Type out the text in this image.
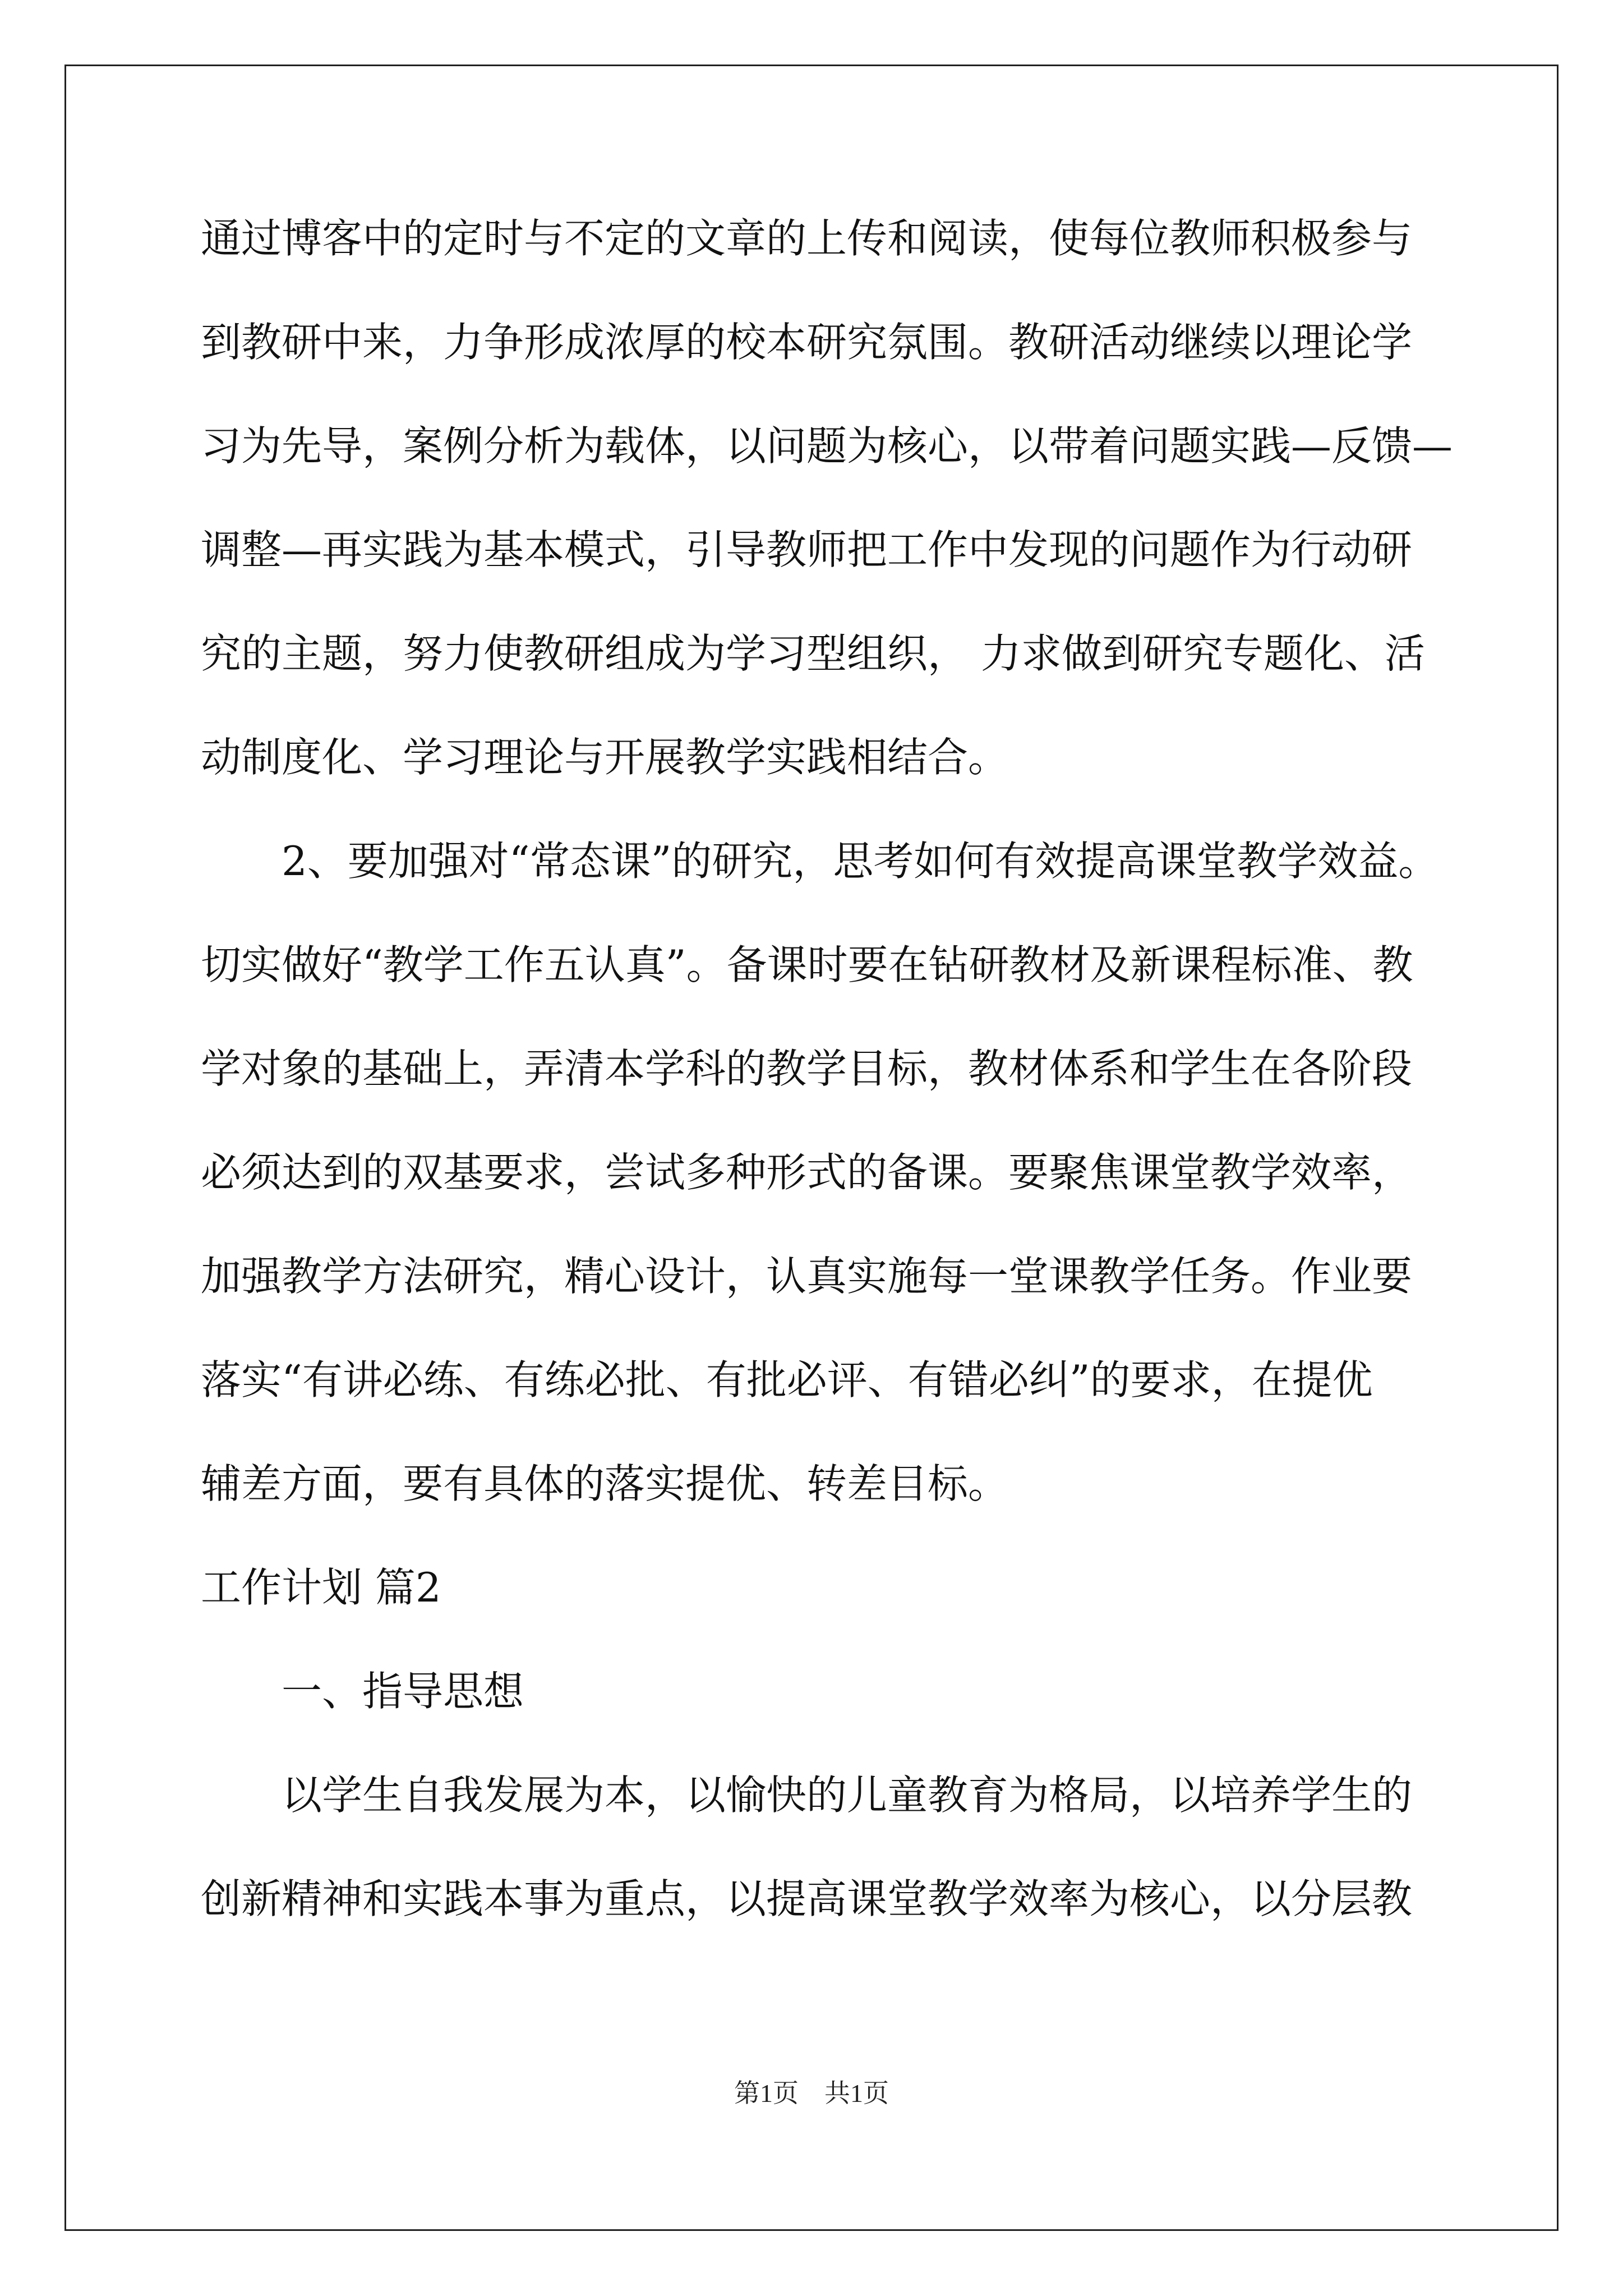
通过博客中的定时与不定的文章的上传和阅读，使每位教师积极参与
到教研中来，力争形成浓厚的校本研究氛围。教研活动继续以理论学
习为先导，案例分析为载体，以问题为核心，以带着问题实践—反馈—
调整—再实践为基本模式，引导教师把工作中发现的问题作为行动研
究的主题，努力使教研组成为学习型组织， 力求做到研究专题化、活
动制度化、学习理论与开展教学实践相结合。
2、要加强对“常态课”的研究，思考如何有效提高课堂教学效益。
切实做好“教学工作五认真”。备课时要在钻研教材及新课程标准、教
学对象的基础上，弄清本学科的教学目标，教材体系和学生在各阶段
必须达到的双基要求，尝试多种形式的备课。要聚焦课堂教学效率，
加强教学方法研究，精心设计，认真实施每一堂课教学任务。作业要
落实“有讲必练、有练必批、有批必评、有错必纠”的要求，在提优
辅差方面，要有具体的落实提优、转差目标。
工作计划 篇2
一、指导思想
以学生自我发展为本，以愉快的儿童教育为格局，以培养学生的
创新精神和实践本事为重点，以提高课堂教学效率为核心，以分层教
第1页　共1页
